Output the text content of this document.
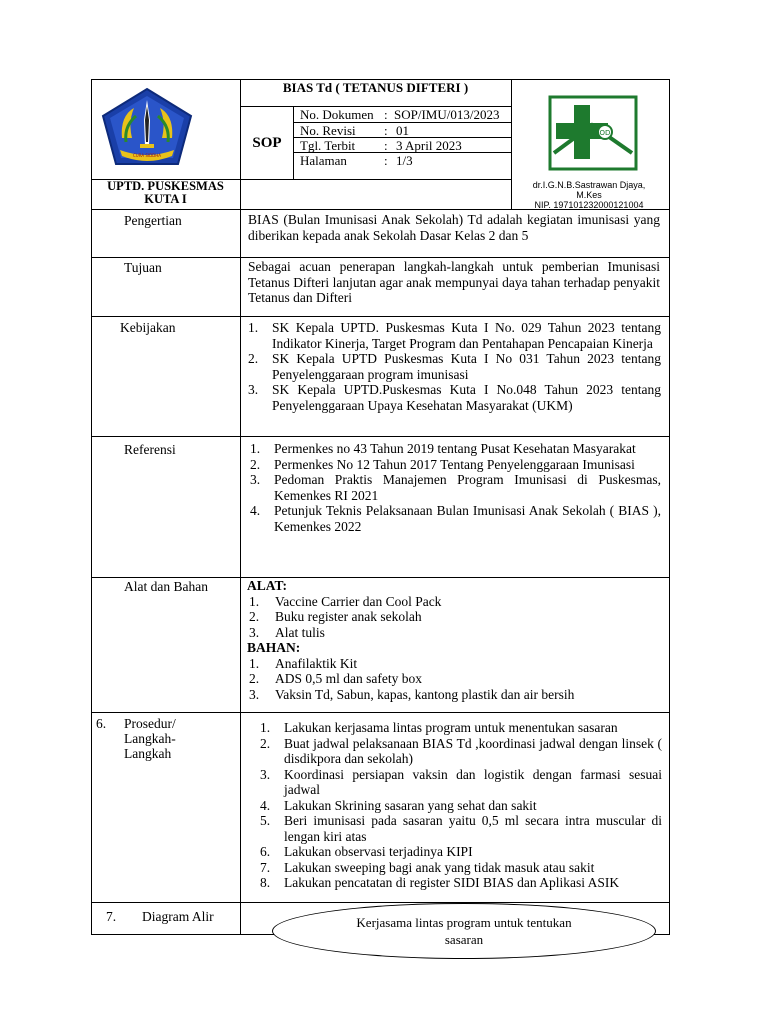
CURA SIDDHA
BIAS Td ( TETANUS DIFTERI )
SOP
No. Dokumen : SOP/IMU/013/2023
No. Revisi : 01
Tgl. Terbit : 3 April 2023
Halaman	: 1/3
OD
UPTD. PUSKESMAS
KUTA I
dr.I.G.N.B.Sastrawan Djaya,
M.Kes
NIP. 197101232000121004
Pengertian	BIAS (Bulan Imunisasi Anak Sekolah) Td adalah kegiatan imunisasi yang diberikan kepada anak Sekolah Dasar Kelas 2 dan 5
Tujuan	Sebagai acuan penerapan langkah-langkah untuk pemberian Imunisasi Tetanus Difteri lanjutan agar anak mempunyai daya tahan terhadap penyakit Tetanus dan Difteri
Kebijakan	1. SK Kepala UPTD. Puskesmas Kuta I No. 029 Tahun 2023 tentang Indikator Kinerja, Target Program dan Pentahapan Pencapaian Kinerja
2. SK Kepala UPTD Puskesmas Kuta I No 031 Tahun 2023 tentang Penyelenggaraan program imunisasi
3. SK Kepala UPTD.Puskesmas Kuta I No.048 Tahun 2023 tentang Penyelenggaraan Upaya Kesehatan Masyarakat (UKM)
Referensi	1. Permenkes no 43 Tahun 2019 tentang Pusat Kesehatan Masyarakat
2. Permenkes No 12 Tahun 2017 Tentang Penyelenggaraan Imunisasi
3. Pedoman Praktis Manajemen Program Imunisasi di Puskesmas, Kemenkes RI 2021
4. Petunjuk Teknis Pelaksanaan Bulan Imunisasi Anak Sekolah ( BIAS ), Kemenkes 2022
Alat dan Bahan	ALAT:
1. Vaccine Carrier dan Cool Pack
2. Buku register anak sekolah
3. Alat tulis
BAHAN:
1. Anafilaktik Kit
2. ADS 0,5 ml dan safety box
3. Vaksin Td, Sabun, kapas, kantong plastik dan air bersih
6. Prosedur/
Langkah-
Langkah
1. Lakukan kerjasama lintas program untuk menentukan sasaran
2. Buat jadwal pelaksanaan BIAS Td ,koordinasi jadwal dengan linsek ( disdikpora dan sekolah)
3. Koordinasi persiapan vaksin dan logistik dengan farmasi sesuai jadwal
4. Lakukan Skrining sasaran yang sehat dan sakit
5. Beri imunisasi pada sasaran yaitu 0,5 ml secara intra muscular di lengan kiri atas
6. Lakukan observasi terjadinya KIPI
7. Lakukan sweeping bagi anak yang tidak masuk atau sakit
8. Lakukan pencatatan di register SIDI BIAS dan Aplikasi ASIK
7. Diagram Alir	Kerjasama lintas program untuk tentukan
sasaran
